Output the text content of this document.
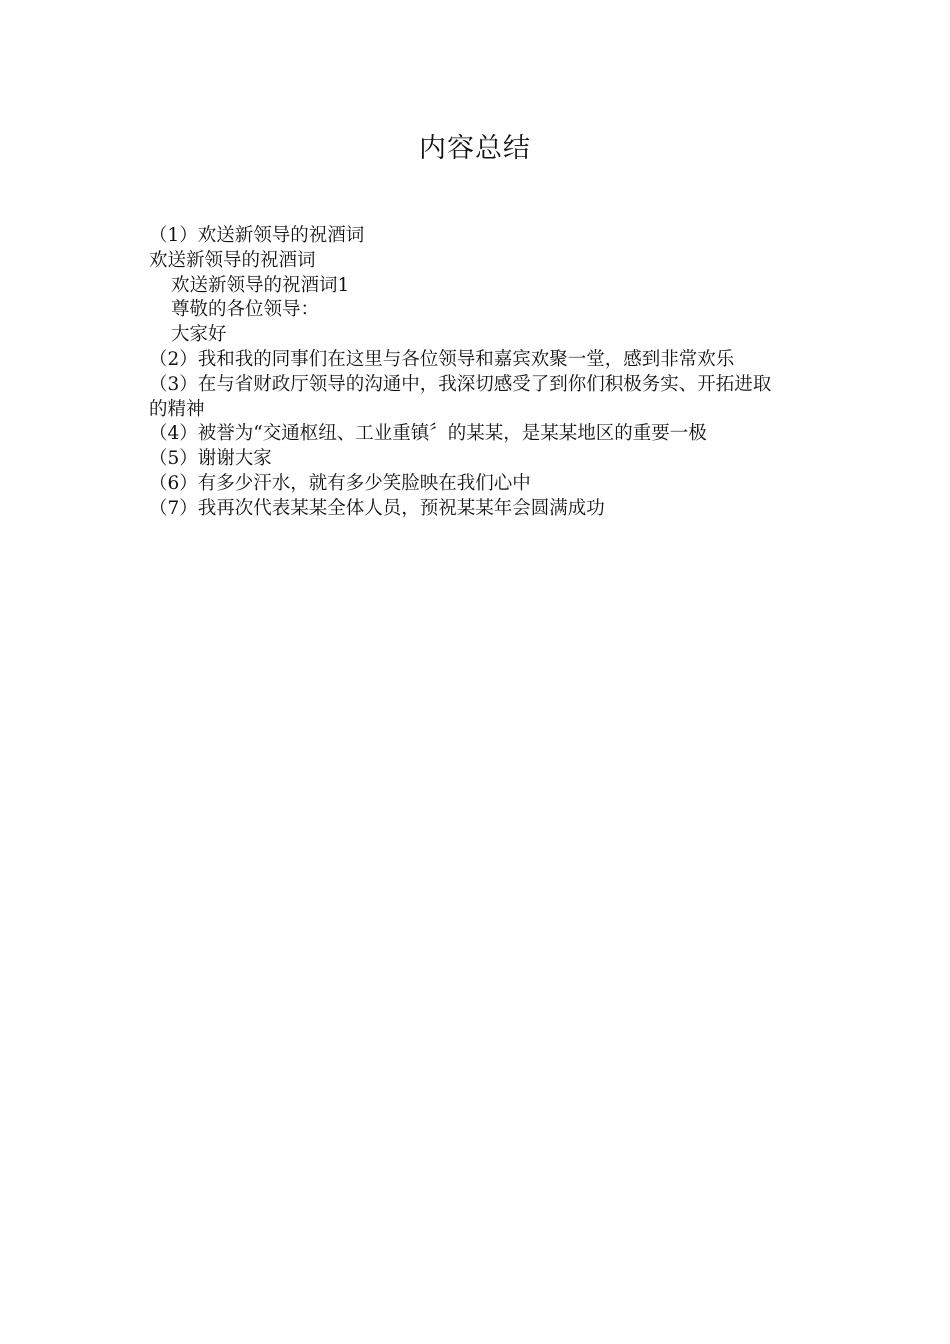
内容总结

（1）欢送新领导的祝酒词

欢送新领导的祝酒词

欢送新领导的祝酒词1

尊敬的各位领导：

大家好

（2）我和我的同事们在这里与各位领导和嘉宾欢聚一堂，感到非常欢乐

（3）在与省财政厅领导的沟通中，我深切感受了到你们积极务实、开拓进取的精神

（4）被誉为“交通枢纽、工业重镇〞的某某，是某某地区的重要一极

（5）谢谢大家

（6）有多少汗水，就有多少笑脸映在我们心中

（7）我再次代表某某全体人员，预祝某某年会圆满成功
